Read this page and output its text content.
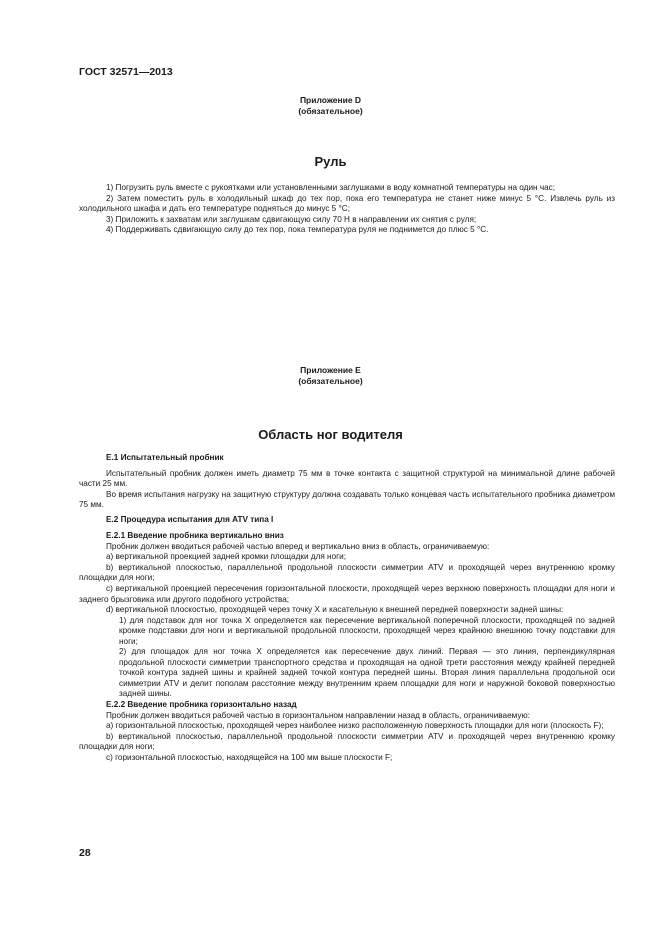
ГОСТ 32571—2013
Приложение D
(обязательное)
Руль

1) Погрузить руль вместе с рукоятками или установленными заглушками в воду комнатной температуры на один час;

2) Затем поместить руль в холодильный шкаф до тех пор, пока его температура не станет ниже минус 5 °С. Извлечь руль из холодильного шкафа и дать его температуре подняться до минус 5 °С;

3) Приложить к захватам или заглушкам сдвигающую силу 70 Н в направлении их снятия с руля;

4) Поддерживать сдвигающую силу до тех пор, пока температура руля не поднимется до плюс 5 °С.

Приложение Е
(обязательное)
Область ног водителя

Е.1 Испытательный пробник

Испытательный пробник должен иметь диаметр 75 мм в точке контакта с защитной структурой на минимальной длине рабочей части 25 мм.

Во время испытания нагрузку на защитную структуру должна создавать только концевая часть испытательного пробника диаметром 75 мм.

Е.2 Процедура испытания для ATV типа I

Е.2.1 Введение пробника вертикально вниз

Пробник должен вводиться рабочей частью вперед и вертикально вниз в область, ограничиваемую:

а) вертикальной проекцией задней кромки площадки для ноги;

b) вертикальной плоскостью, параллельной продольной плоскости симметрии ATV и проходящей через внутреннюю кромку площадки для ноги;

с) вертикальной проекцией пересечения горизонтальной плоскости, проходящей через верхнюю поверхность площадки для ноги и заднего брызговика или другого подобного устройства;

d) вертикальной плоскостью, проходящей через точку X и касательную к внешней передней поверхности задней шины:

1) для подставок для ног точка X определяется как пересечение вертикальной поперечной плоскости, проходящей по задней кромке подставки для ноги и вертикальной продольной плоскости, проходящей через крайнюю внешнюю точку подставки для ноги;

2) для площадок для ног точка X определяется как пересечение двух линий. Первая — это линия, перпендикулярная продольной плоскости симметрии транспортного средства и проходящая на одной трети расстояния между крайней передней точкой контура задней шины и крайней задней точкой контура передней шины. Вторая линия параллельна продольной оси симметрии ATV и делит пополам расстояние между внутренним краем площадки для ноги и наружной боковой поверхностью задней шины.

Е.2.2 Введение пробника горизонтально назад

Пробник должен вводиться рабочей частью в горизонтальном направлении назад в область, ограничиваемую:

а) горизонтальной плоскостью, проходящей через наиболее низко расположенную поверхность площадки для ноги (плоскость F);

b) вертикальной плоскостью, параллельной продольной плоскости симметрии ATV и проходящей через внутреннюю кромку площадки для ноги;

с) горизонтальной плоскостью, находящейся на 100 мм выше плоскости F;

28
